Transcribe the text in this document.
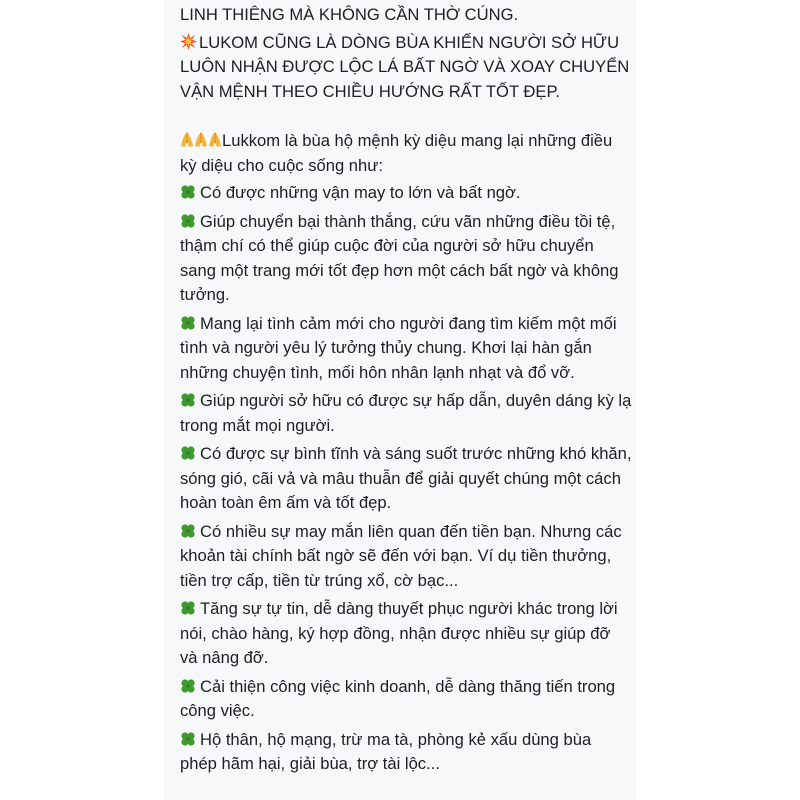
LINH THIÊNG MÀ KHÔNG CẦN THỜ CÚNG.

LUKOM CŨNG LÀ DÒNG BÙA KHIẾN NGƯỜI SỞ HỮU LUÔN NHẬN ĐƯỢC LỘC LÁ BẤT NGỜ VÀ XOAY CHUYỂN VẬN MỆNH THEO CHIỀU HƯỚNG RẤT TỐT ĐẸP.

Lukkom là bùa hộ mệnh kỳ diệu mang lại những điều kỳ diệu cho cuộc sống như:

Có được những vận may to lớn và bất ngờ.

Giúp chuyển bại thành thắng, cứu vãn những điều tồi tệ, thậm chí có thể giúp cuộc đời của người sở hữu chuyển sang một trang mới tốt đẹp hơn một cách bất ngờ và không tưởng.

Mang lại tình cảm mới cho người đang tìm kiếm một mối tình và người yêu lý tưởng thủy chung. Khơi lại hàn gắn những chuyện tình, mối hôn nhân lạnh nhạt và đổ vỡ.

Giúp người sở hữu có được sự hấp dẫn, duyên dáng kỳ lạ trong mắt mọi người.

Có được sự bình tĩnh và sáng suốt trước những khó khăn, sóng gió, cãi vả và mâu thuẫn để giải quyết chúng một cách hoàn toàn êm ấm và tốt đẹp.

Có nhiều sự may mắn liên quan đến tiền bạn. Nhưng các khoản tài chính bất ngờ sẽ đến với bạn. Ví dụ tiền thưởng, tiền trợ cấp, tiền từ trúng xổ, cờ bạc...

Tăng sự tự tin, dễ dàng thuyết phục người khác trong lời nói, chào hàng, ký hợp đồng, nhận được nhiều sự giúp đỡ và nâng đỡ.

Cải thiện công việc kinh doanh, dễ dàng thăng tiến trong công việc.

Hộ thân, hộ mạng, trừ ma tà, phòng kẻ xấu dùng bùa phép hãm hại, giải bùa, trợ tài lộc...
